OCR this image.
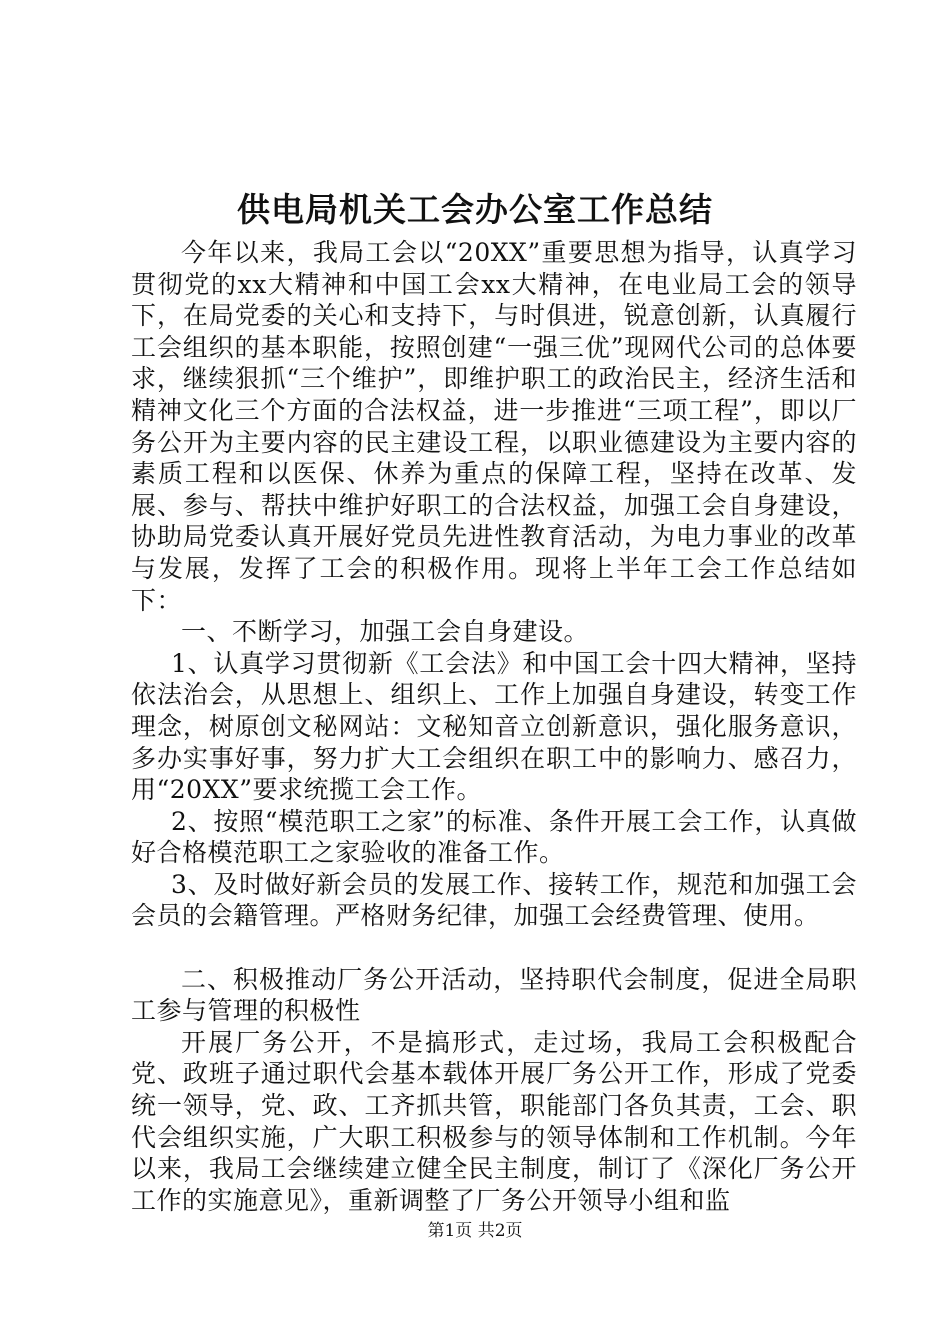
供电局机关工会办公室工作总结

今年以来，我局工会以“20XX”重要思想为指导，认真学习贯彻党的xx大精神和中国工会xx大精神，在电业局工会的领导下，在局党委的关心和支持下，与时俱进，锐意创新，认真履行工会组织的基本职能，按照创建“一强三优”现网代公司的总体要求，继续狠抓“三个维护”，即维护职工的政治民主，经济生活和精神文化三个方面的合法权益，进一步推进“三项工程”，即以厂务公开为主要内容的民主建设工程，以职业德建设为主要内容的素质工程和以医保、休养为重点的保障工程，坚持在改革、发展、参与、帮扶中维护好职工的合法权益，加强工会自身建设，协助局党委认真开展好党员先进性教育活动，为电力事业的改革与发展，发挥了工会的积极作用。现将上半年工会工作总结如下：

一、不断学习，加强工会自身建设。

1、认真学习贯彻新《工会法》和中国工会十四大精神，坚持依法治会，从思想上、组织上、工作上加强自身建设，转变工作理念，树原创文秘网站：文秘知音立创新意识，强化服务意识，多办实事好事，努力扩大工会组织在职工中的影响力、感召力，用“20XX”要求统揽工会工作。

2、按照“模范职工之家”的标准、条件开展工会工作，认真做好合格模范职工之家验收的准备工作。

3、及时做好新会员的发展工作、接转工作，规范和加强工会会员的会籍管理。严格财务纪律，加强工会经费管理、使用。

二、积极推动厂务公开活动，坚持职代会制度，促进全局职工参与管理的积极性

开展厂务公开，不是搞形式，走过场，我局工会积极配合党、政班子通过职代会基本载体开展厂务公开工作，形成了党委统一领导，党、政、工齐抓共管，职能部门各负其责，工会、职代会组织实施，广大职工积极参与的领导体制和工作机制。今年以来，我局工会继续建立健全民主制度，制订了《深化厂务公开工作的实施意见》，重新调整了厂务公开领导小组和监

第1页 共2页
